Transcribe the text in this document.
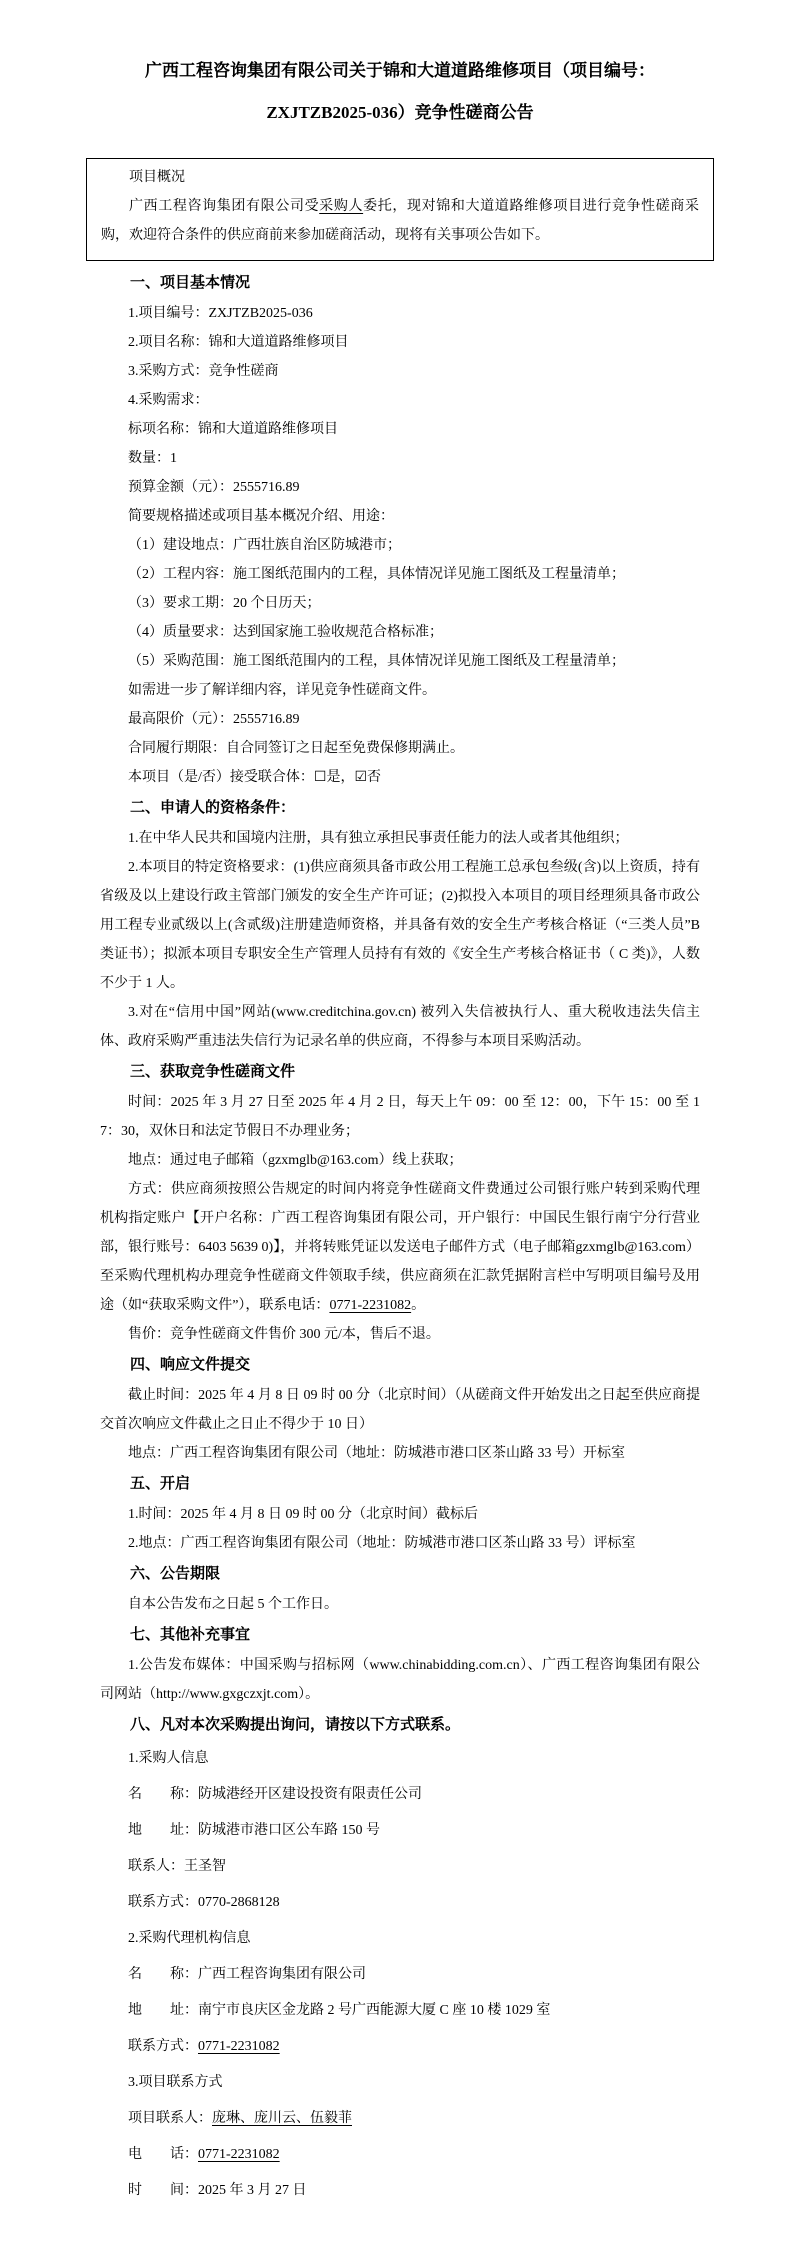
广西工程咨询集团有限公司关于锦和大道道路维修项目（项目编号：
ZXJTZB2025-036）竞争性磋商公告

项目概况

广西工程咨询集团有限公司受采购人委托，现对锦和大道道路维修项目进行竞争性磋商采购，欢迎符合条件的供应商前来参加磋商活动，现将有关事项公告如下。

一、项目基本情况

1.项目编号：ZXJTZB2025-036

2.项目名称：锦和大道道路维修项目

3.采购方式：竞争性磋商

4.采购需求：

标项名称：锦和大道道路维修项目

数量：1

预算金额（元）：2555716.89

简要规格描述或项目基本概况介绍、用途：

（1）建设地点：广西壮族自治区防城港市；

（2）工程内容：施工图纸范围内的工程，具体情况详见施工图纸及工程量清单；

（3）要求工期：20 个日历天；

（4）质量要求：达到国家施工验收规范合格标准；

（5）采购范围：施工图纸范围内的工程，具体情况详见施工图纸及工程量清单；

如需进一步了解详细内容，详见竞争性磋商文件。

最高限价（元）：2555716.89

合同履行期限：自合同签订之日起至免费保修期满止。

本项目（是/否）接受联合体：☐是，☑否

二、申请人的资格条件：

1.在中华人民共和国境内注册，具有独立承担民事责任能力的法人或者其他组织；

2.本项目的特定资格要求：(1)供应商须具备市政公用工程施工总承包叁级(含)以上资质，持有省级及以上建设行政主管部门颁发的安全生产许可证；(2)拟投入本项目的项目经理须具备市政公用工程专业贰级以上(含贰级)注册建造师资格，并具备有效的安全生产考核合格证（“三类人员”B 类证书）；拟派本项目专职安全生产管理人员持有有效的《安全生产考核合格证书（ C 类)》，人数不少于 1 人。

3.对在“信用中国”网站(www.creditchina.gov.cn) 被列入失信被执行人、重大税收违法失信主体、政府采购严重违法失信行为记录名单的供应商，不得参与本项目采购活动。

三、获取竞争性磋商文件

时间：2025 年 3 月 27 日至 2025 年 4 月 2 日，每天上午 09：00 至 12：00，下午 15：00 至 17：30，双休日和法定节假日不办理业务；

地点：通过电子邮箱（gzxmglb@163.com）线上获取；

方式：供应商须按照公告规定的时间内将竞争性磋商文件费通过公司银行账户转到采购代理机构指定账户【开户名称：广西工程咨询集团有限公司，开户银行：中国民生银行南宁分行营业部，银行账号：6403 5639 0)】，并将转账凭证以发送电子邮件方式（电子邮箱gzxmglb@163.com）至采购代理机构办理竞争性磋商文件领取手续，供应商须在汇款凭据附言栏中写明项目编号及用途（如“获取采购文件”），联系电话：0771-2231082。

售价：竞争性磋商文件售价 300 元/本，售后不退。

四、响应文件提交

截止时间：2025 年 4 月 8 日 09 时 00 分（北京时间）（从磋商文件开始发出之日起至供应商提交首次响应文件截止之日止不得少于 10 日）

地点：广西工程咨询集团有限公司（地址：防城港市港口区茶山路 33 号）开标室

五、开启

1.时间：2025 年 4 月 8 日 09 时 00 分（北京时间）截标后

2.地点：广西工程咨询集团有限公司（地址：防城港市港口区茶山路 33 号）评标室

六、公告期限

自本公告发布之日起 5 个工作日。

七、其他补充事宜

1.公告发布媒体：中国采购与招标网（www.chinabidding.com.cn）、广西工程咨询集团有限公司网站（http://www.gxgczxjt.com）。

八、凡对本次采购提出询问，请按以下方式联系。

1.采购人信息

名　　称：防城港经开区建设投资有限责任公司

地　　址：防城港市港口区公车路 150 号

联系人：王圣智

联系方式：0770-2868128

2.采购代理机构信息

名　　称：广西工程咨询集团有限公司

地　　址：南宁市良庆区金龙路 2 号广西能源大厦 C 座 10 楼 1029 室

联系方式：0771-2231082

3.项目联系方式

项目联系人：庞琳、庞川云、伍毅菲

电　　话：0771-2231082

时　　间：2025 年 3 月 27 日
